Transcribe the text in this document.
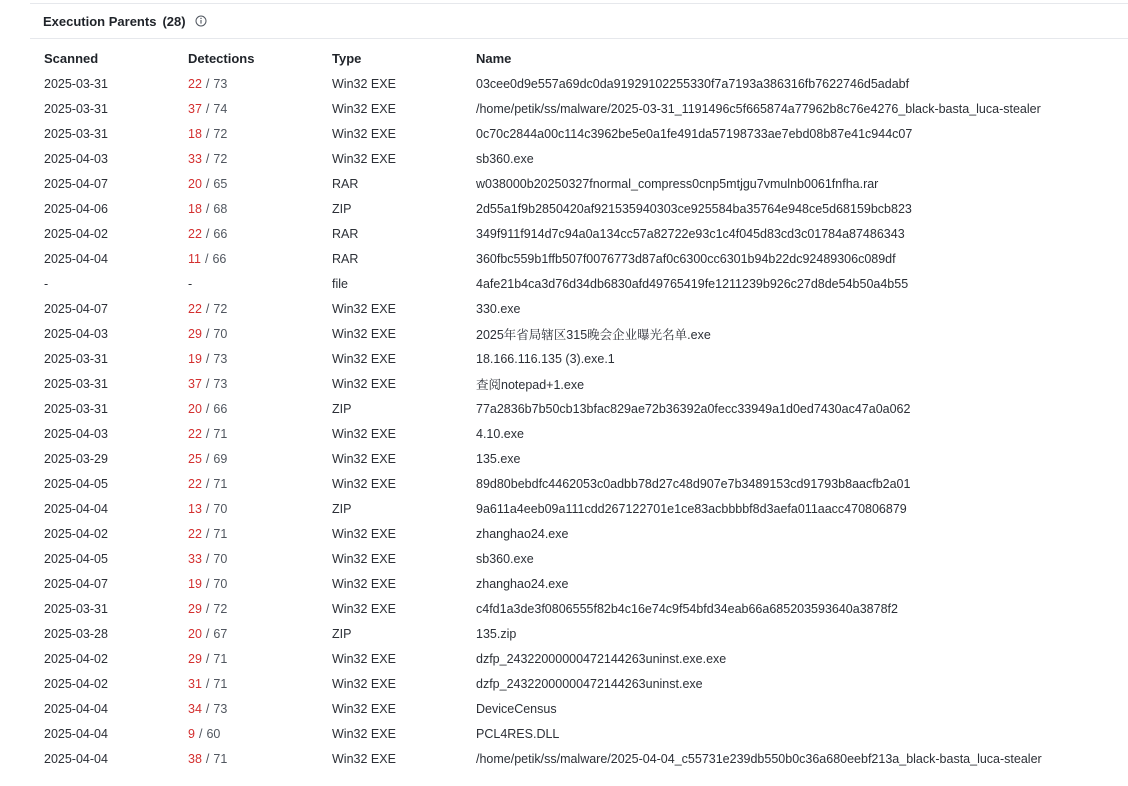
Execution Parents (28)
Scanned	Detections	Type	Name
2025-03-31	22 / 73	Win32 EXE	03cee0d9e557a69dc0da91929102255330f7a7193a386316fb7622746d5adabf
2025-03-31	37 / 74	Win32 EXE	/home/petik/ss/malware/2025-03-31_1191496c5f665874a77962b8c76e4276_black-basta_luca-stealer
2025-03-31	18 / 72	Win32 EXE	0c70c2844a00c114c3962be5e0a1fe491da57198733ae7ebd08b87e41c944c07
2025-04-03	33 / 72	Win32 EXE	sb360.exe
2025-04-07	20 / 65	RAR	w038000b20250327fnormal_compress0cnp5mtjgu7vmulnb0061fnfha.rar
2025-04-06	18 / 68	ZIP	2d55a1f9b2850420af921535940303ce925584ba35764e948ce5d68159bcb823
2025-04-02	22 / 66	RAR	349f911f914d7c94a0a134cc57a82722e93c1c4f045d83cd3c01784a87486343
2025-04-04	11 / 66	RAR	360fbc559b1ffb507f0076773d87af0c6300cc6301b94b22dc92489306c089df
-	-	file	4afe21b4ca3d76d34db6830afd49765419fe1211239b926c27d8de54b50a4b55
2025-04-07	22 / 72	Win32 EXE	330.exe
2025-04-03	29 / 70	Win32 EXE	2025年省局辖区315晚会企业曝光名单.exe
2025-03-31	19 / 73	Win32 EXE	18.166.116.135 (3).exe.1
2025-03-31	37 / 73	Win32 EXE	查阅notepad+1.exe
2025-03-31	20 / 66	ZIP	77a2836b7b50cb13bfac829ae72b36392a0fecc33949a1d0ed7430ac47a0a062
2025-04-03	22 / 71	Win32 EXE	4.10.exe
2025-03-29	25 / 69	Win32 EXE	135.exe
2025-04-05	22 / 71	Win32 EXE	89d80bebdfc4462053c0adbb78d27c48d907e7b3489153cd91793b8aacfb2a01
2025-04-04	13 / 70	ZIP	9a611a4eeb09a111cdd267122701e1ce83acbbbbf8d3aefa011aacc470806879
2025-04-02	22 / 71	Win32 EXE	zhanghao24.exe
2025-04-05	33 / 70	Win32 EXE	sb360.exe
2025-04-07	19 / 70	Win32 EXE	zhanghao24.exe
2025-03-31	29 / 72	Win32 EXE	c4fd1a3de3f0806555f82b4c16e74c9f54bfd34eab66a685203593640a3878f2
2025-03-28	20 / 67	ZIP	135.zip
2025-04-02	29 / 71	Win32 EXE	dzfp_24322000000472144263uninst.exe.exe
2025-04-02	31 / 71	Win32 EXE	dzfp_24322000000472144263uninst.exe
2025-04-04	34 / 73	Win32 EXE	DeviceCensus
2025-04-04	9 / 60	Win32 EXE	PCL4RES.DLL
2025-04-04	38 / 71	Win32 EXE	/home/petik/ss/malware/2025-04-04_c55731e239db550b0c36a680eebf213a_black-basta_luca-stealer
